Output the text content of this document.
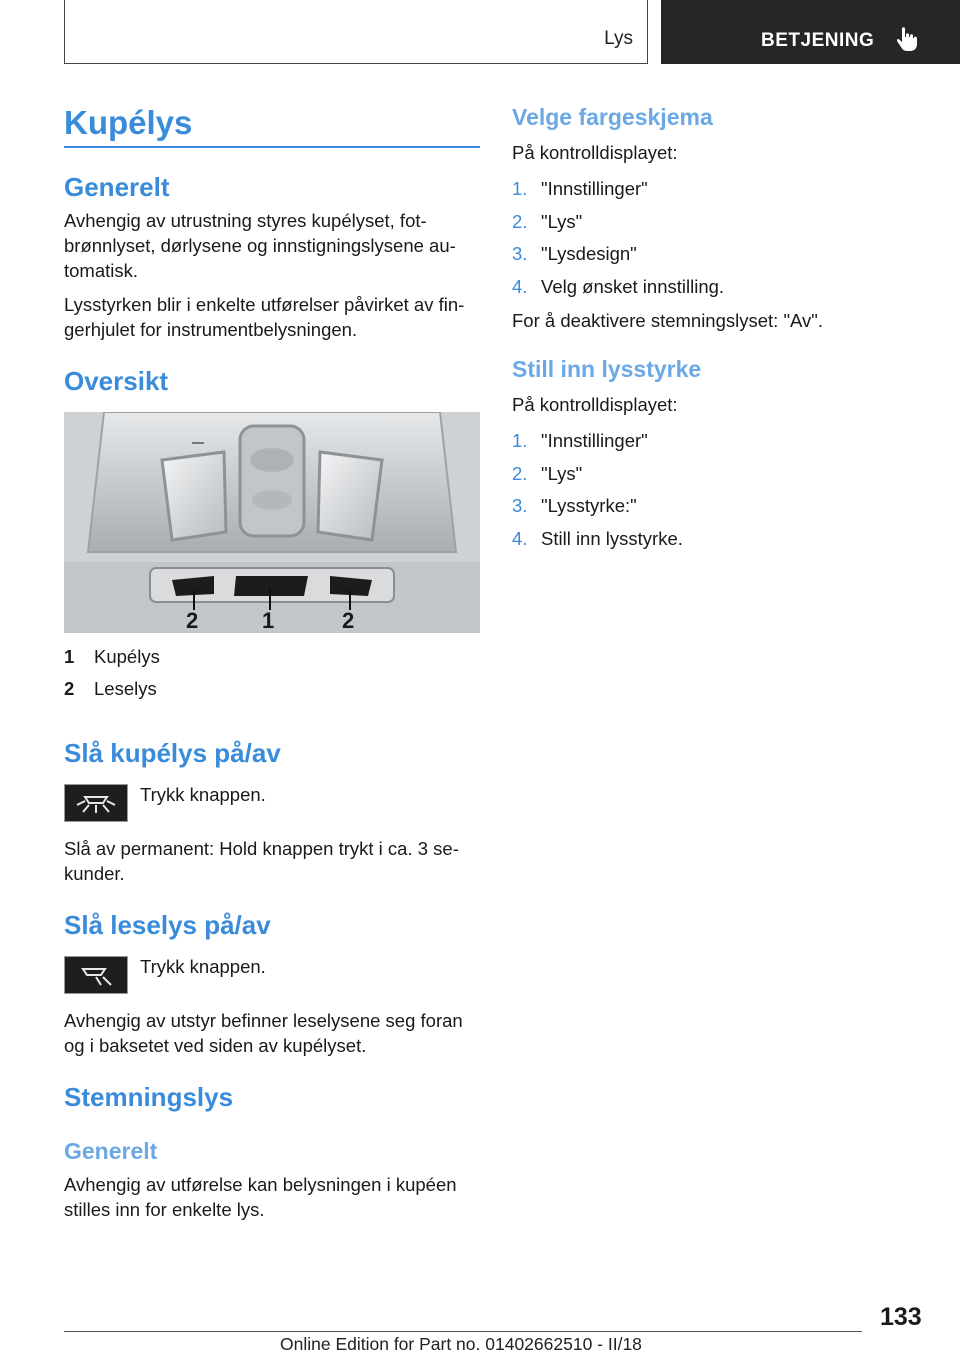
Lys	BETJENING
Kupélys
Generelt

Avhengig av utrustning styres kupélyset, fot-
brønnlyset, dørlysene og innstigningslysene au-
tomatisk.

Lysstyrken blir i enkelte utførelser påvirket av fin-
gerhjulet for instrumentbelysningen.

Oversikt
2	1	2
1 Kupélys
2 Leselys
Slå kupélys på/av

Trykk knappen.

Slå av permanent: Hold knappen trykt i ca. 3 se-
kunder.

Slå leselys på/av

Trykk knappen.

Avhengig av utstyr befinner leselysene seg foran
og i baksetet ved siden av kupélyset.

Stemningslys
Generelt

Avhengig av utførelse kan belysningen i kupéen
stilles inn for enkelte lys.

Velge fargeskjema

På kontrolldisplayet:

1. "Innstillinger"
2. "Lys"
3. "Lysdesign"
4. Velg ønsket innstilling.

For å deaktivere stemningslyset: "Av".

Still inn lysstyrke

På kontrolldisplayet:

1. "Innstillinger"
2. "Lys"
3. "Lysstyrke:"
4. Still inn lysstyrke.
133
Online Edition for Part no. 01402662510 - II/18
